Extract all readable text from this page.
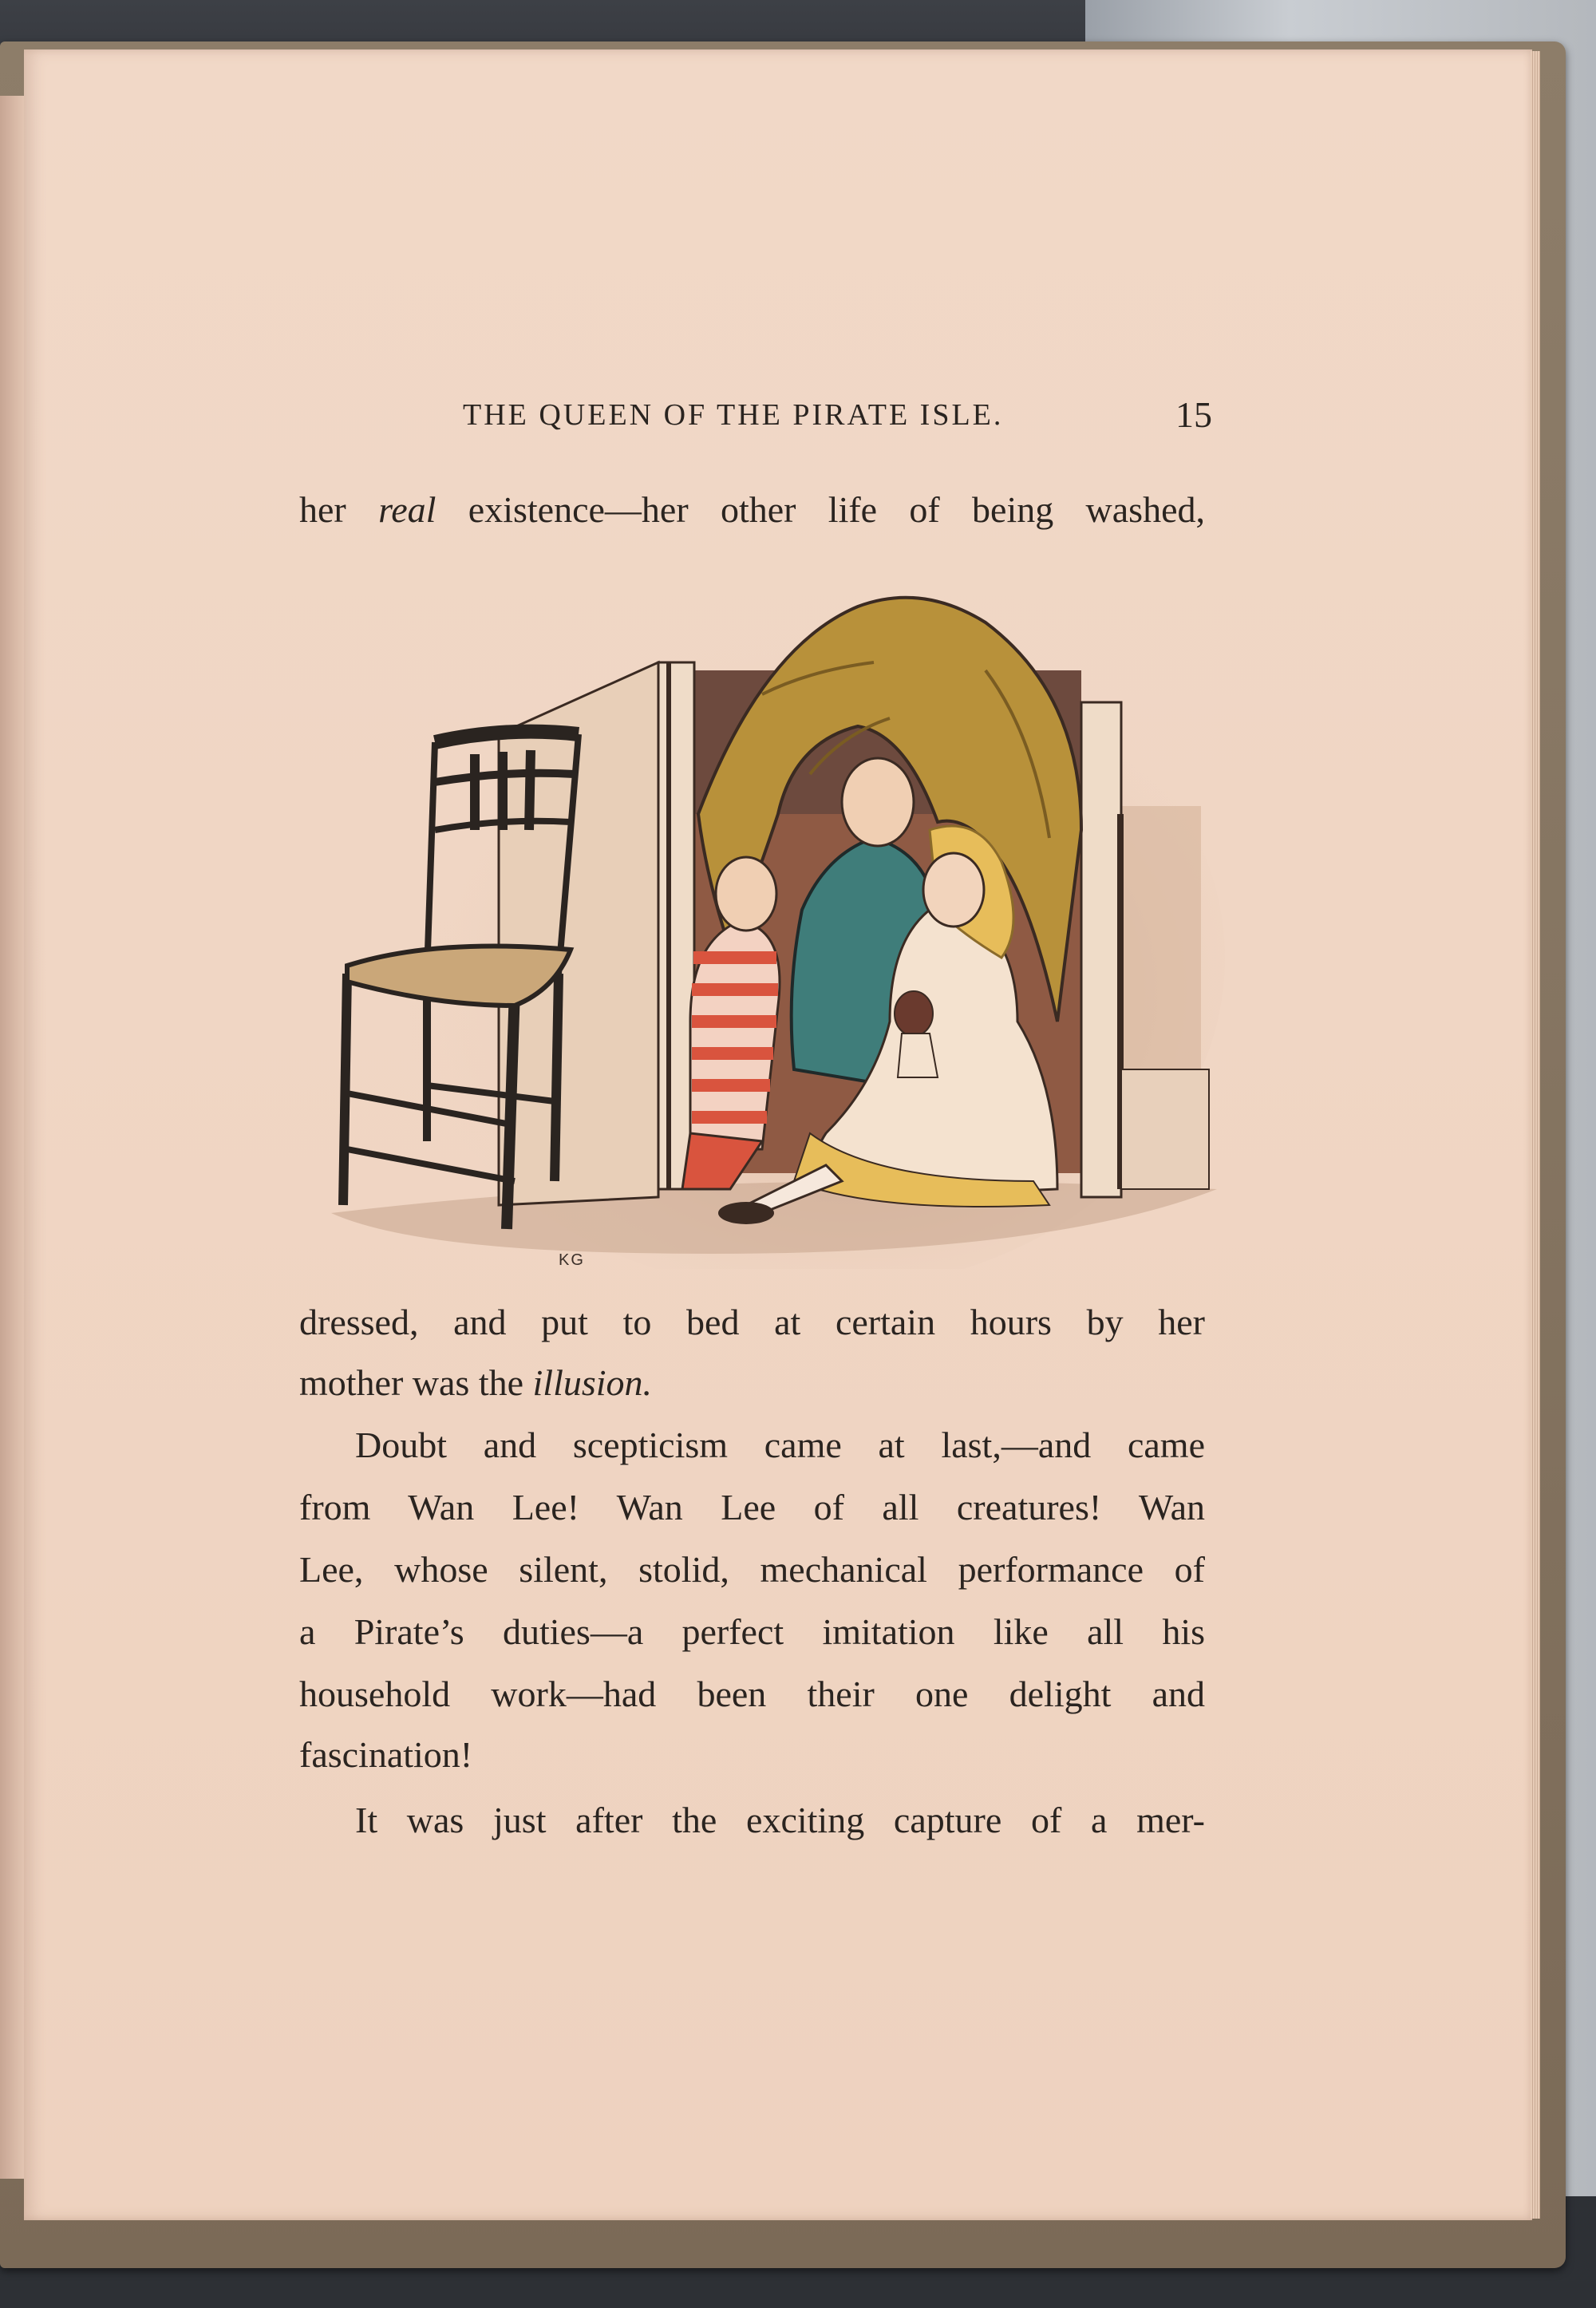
THE QUEEN OF THE PIRATE ISLE.	15
her real existence—her other life of being washed,
KG
dressed, and put to bed at certain hours by her
mother was the illusion.
Doubt and scepticism came at last,—and came
from Wan Lee! Wan Lee of all creatures! Wan
Lee, whose silent, stolid, mechanical performance of
a Pirate’s duties—a perfect imitation like all his
household work—had been their one delight and
fascination!
It was just after the exciting capture of a mer-
